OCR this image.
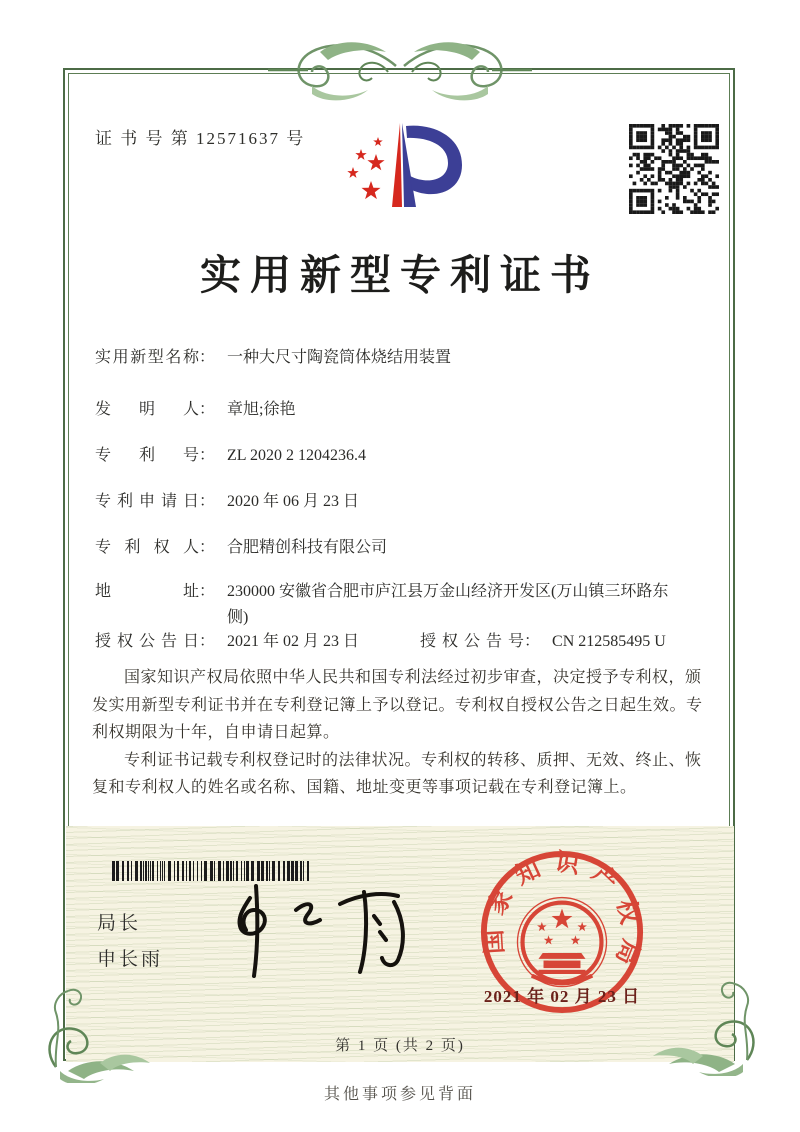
证 书 号 第 12571637 号
实用新型专利证书
实用新型名称： 一种大尺寸陶瓷筒体烧结用装置
发 明 人： 章旭;徐艳
专 利 号： ZL 2020 2 1204236.4
专利申请日： 2020 年 06 月 23 日
专 利 权 人： 合肥精创科技有限公司
地 址： 230000 安徽省合肥市庐江县万金山经济开发区(万山镇三环路东侧)
授权公告日： 2021 年 02 月 23 日	授权公告号： CN 212585495 U

国家知识产权局依照中华人民共和国专利法经过初步审查，决定授予专利权，颁发实用新型专利证书并在专利登记簿上予以登记。专利权自授权公告之日起生效。专利权期限为十年，自申请日起算。

专利证书记载专利权登记时的法律状况。专利权的转移、质押、无效、终止、恢复和专利权人的姓名或名称、国籍、地址变更等事项记载在专利登记簿上。

局长
申长雨
国家知识产权局
2021 年 02 月 23 日
第 1 页 (共 2 页)
其他事项参见背面
